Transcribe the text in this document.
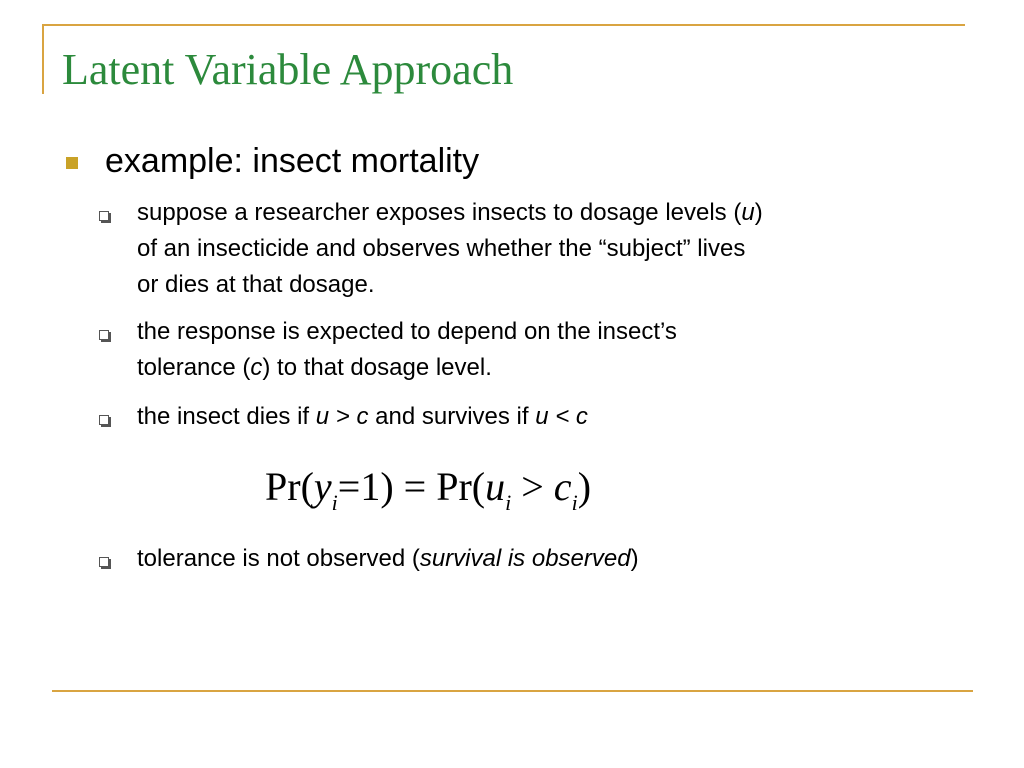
Latent Variable Approach
example: insect mortality
suppose a researcher exposes insects to dosage levels (u)
of an insecticide and observes whether the “subject” lives
or dies at that dosage.
the response is expected to depend on the insect’s
tolerance (c) to that dosage level.
the insect dies if u > c and survives if u < c
$Pr(y_i=1) = Pr(u_i > c_i)$
tolerance is not observed (survival is observed)
